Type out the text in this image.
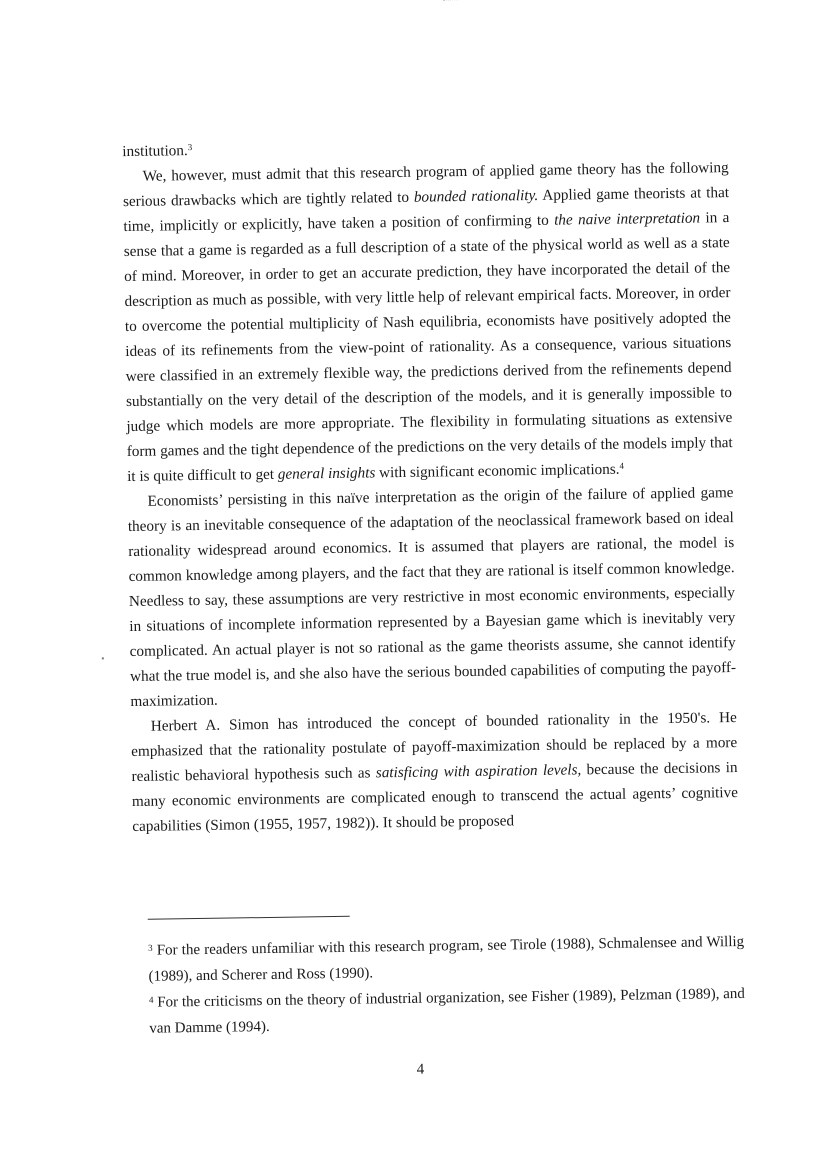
institution.$^3$

We, however, must admit that this research program of applied game theory has the following serious drawbacks which are tightly related to bounded rationality. Applied game theorists at that time, implicitly or explicitly, have taken a position of confirming to the naive interpretation in a sense that a game is regarded as a full description of a state of the physical world as well as a state of mind. Moreover, in order to get an accurate prediction, they have incorporated the detail of the description as much as possible, with very little help of relevant empirical facts. Moreover, in order to overcome the potential multiplicity of Nash equilibria, economists have positively adopted the ideas of its refinements from the view-point of rationality. As a consequence, various situations were classified in an extremely flexible way, the predictions derived from the refinements depend substantially on the very detail of the description of the models, and it is generally impossible to judge which models are more appropriate. The flexibility in formulating situations as extensive form games and the tight dependence of the predictions on the very details of the models imply that it is quite difficult to get general insights with significant economic implications.$^4$

Economists’ persisting in this naïve interpretation as the origin of the failure of applied game theory is an inevitable consequence of the adaptation of the neoclassical framework based on ideal rationality widespread around economics. It is assumed that players are rational, the model is common knowledge among players, and the fact that they are rational is itself common knowledge. Needless to say, these assumptions are very restrictive in most economic environments, especially in situations of incomplete information represented by a Bayesian game which is inevitably very complicated. An actual player is not so rational as the game theorists assume, she cannot identify what the true model is, and she also have the serious bounded capabilities of computing the payoff-maximization.

Herbert A. Simon has introduced the concept of bounded rationality in the 1950's. He emphasized that the rationality postulate of payoff-maximization should be replaced by a more realistic behavioral hypothesis such as satisficing with aspiration levels, because the decisions in many economic environments are complicated enough to transcend the actual agents’ cognitive capabilities (Simon (1955, 1957, 1982)). It should be proposed

$^3$ For the readers unfamiliar with this research program, see Tirole (1988), Schmalensee and Willig (1989), and Scherer and Ross (1990).

$^4$ For the criticisms on the theory of industrial organization, see Fisher (1989), Pelzman (1989), and van Damme (1994).

4
